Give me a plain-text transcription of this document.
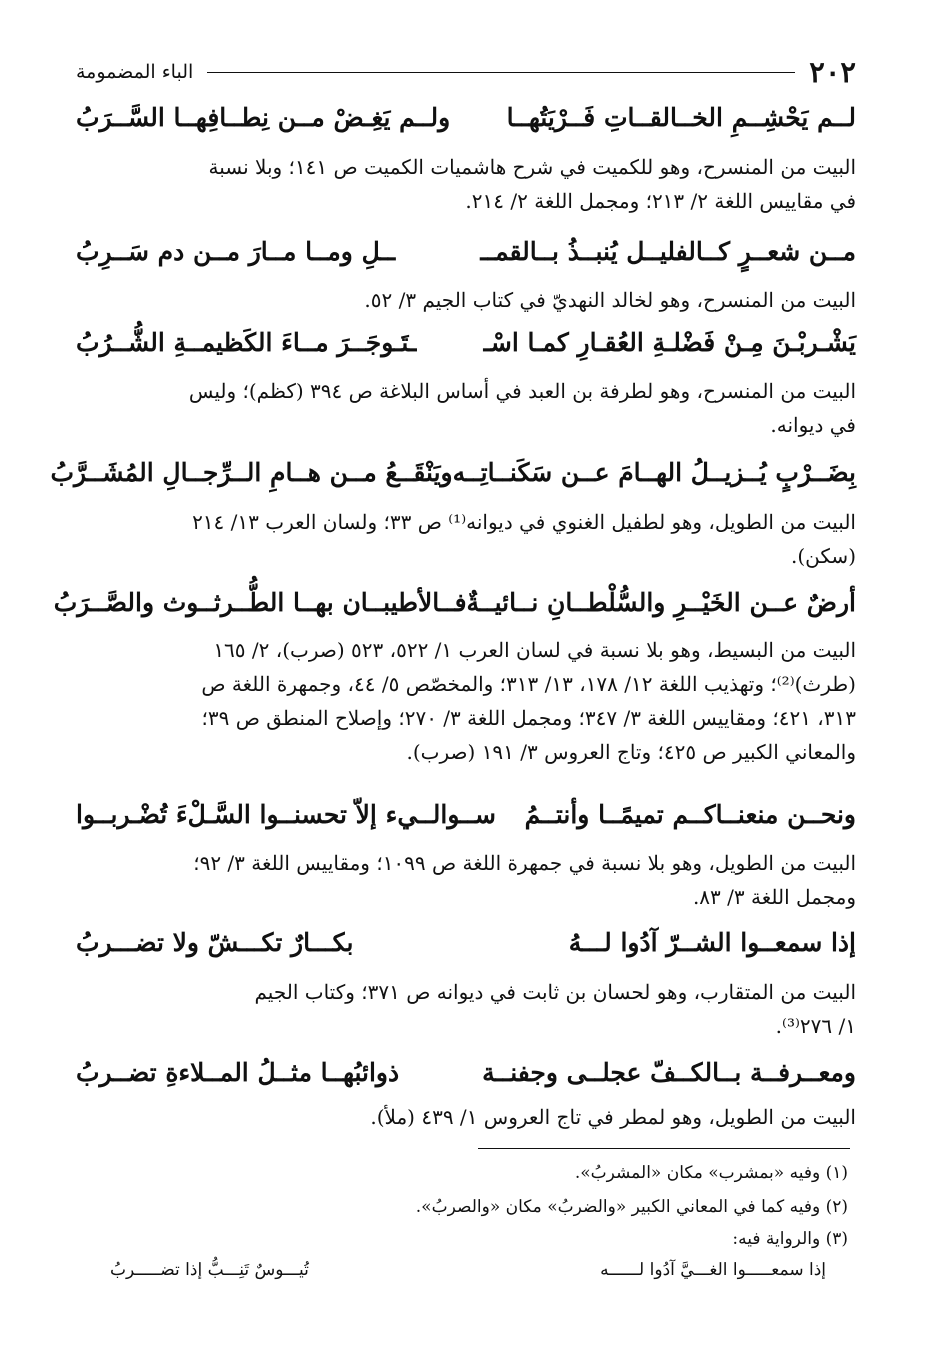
٢٠٢
الباء المضمومة
لــم يَحْشِــمِ الخــالقــاتِ فَــرْيَتُهــا
ولــم يَغِـضْ مــن نِطــافِهــا السَّــرَبُ
البيت من المنسرح، وهو للكميت في شرح هاشميات الكميت ص ١٤١؛ وبلا نسبة
في مقاييس اللغة ٢/ ٢١٣؛ ومجمل اللغة ٢/ ٢١٤.
مــن شعــرٍ كــالفليــل يُنبــذُ بــالقمــ
ــلِ ومــا مــارَ مــن دم سَــرِبُ
البيت من المنسرح، وهو لخالد النهديّ في كتاب الجيم ٣/ ٥٢.
يَشْـربْـنَ مِـنْ فَضْلـةِ العُقـارِ كمـا اسْـ
ـتَـوجَــرَ مــاءَ الكَظيمــةِ الشُّــرُبُ
البيت من المنسرح، وهو لطرفة بن العبد في أساس البلاغة ص ٣٩٤ (كظم)؛ وليس
في ديوانه.
بِضَــرْبٍ يُــزيــلُ الهــامَ عــن سَكَنــاتِــه
ويَنْقَــعُ مــن هــامِ الــرِّجــالِ المُشَــرَّبُ
البيت من الطويل، وهو لطفيل الغنوي في ديوانه⁽¹⁾ ص ٣٣؛ ولسان العرب ١٣/ ٢١٤
(سكن).
أرضٌ عــن الخَيْــرِ والسُّلْطــانِ نــائيــةٌ
فــالأطيبــان بهــا الطُّــرثــوث والصَّــرَبُ
البيت من البسيط، وهو بلا نسبة في لسان العرب ١/ ٥٢٢، ٥٢٣ (صرب)، ٢/ ١٦٥
(طرث)⁽²⁾؛ وتهذيب اللغة ١٢/ ١٧٨، ١٣/ ٣١٣؛ والمخصّص ٥/ ٤٤، وجمهرة اللغة ص
٣١٣، ٤٢١؛ ومقاييس اللغة ٣/ ٣٤٧؛ ومجمل اللغة ٣/ ٢٧٠؛ وإصلاح المنطق ص ٣٩؛
والمعاني الكبير ص ٤٢٥؛ وتاج العروس ٣/ ١٩١ (صرب).
ونحــن منعنــاكــم تميمًــا وأنتــمُ
ســوالــيء إلاّ تحسنــوا السَّـلْءَ تُضْـربــوا
البيت من الطويل، وهو بلا نسبة في جمهرة اللغة ص ١٠٩٩؛ ومقاييس اللغة ٣/ ٩٢؛
ومجمل اللغة ٣/ ٨٣.
إذا سمعــوا الشــرّ آدُوا لـــهُ
بكـــارٌ تكـــشّ ولا تضـــربُ
البيت من المتقارب، وهو لحسان بن ثابت في ديوانه ص ٣٧١؛ وكتاب الجيم
١/ ٢٧٦⁽³⁾.
ومعــرفــة بــالكــفّ عجلــى وجفنــة
ذوائبُهــا مثــلُ المــلاءةِ تضــربُ
البيت من الطويل، وهو لمطر في تاج العروس ١/ ٤٣٩ (ملأ).
(١) وفيه «بمشرب» مكان «المشربُ».
(٢) وفيه كما في المعاني الكبير «والضربُ» مكان «والصربُ».
(٣) والرواية فيه:
إذا سمعـــــوا الغـــيَّ آدُوا لــــــه
تُيـــوسٌ تَنِـــبُّ إذا تضـــــربُ
